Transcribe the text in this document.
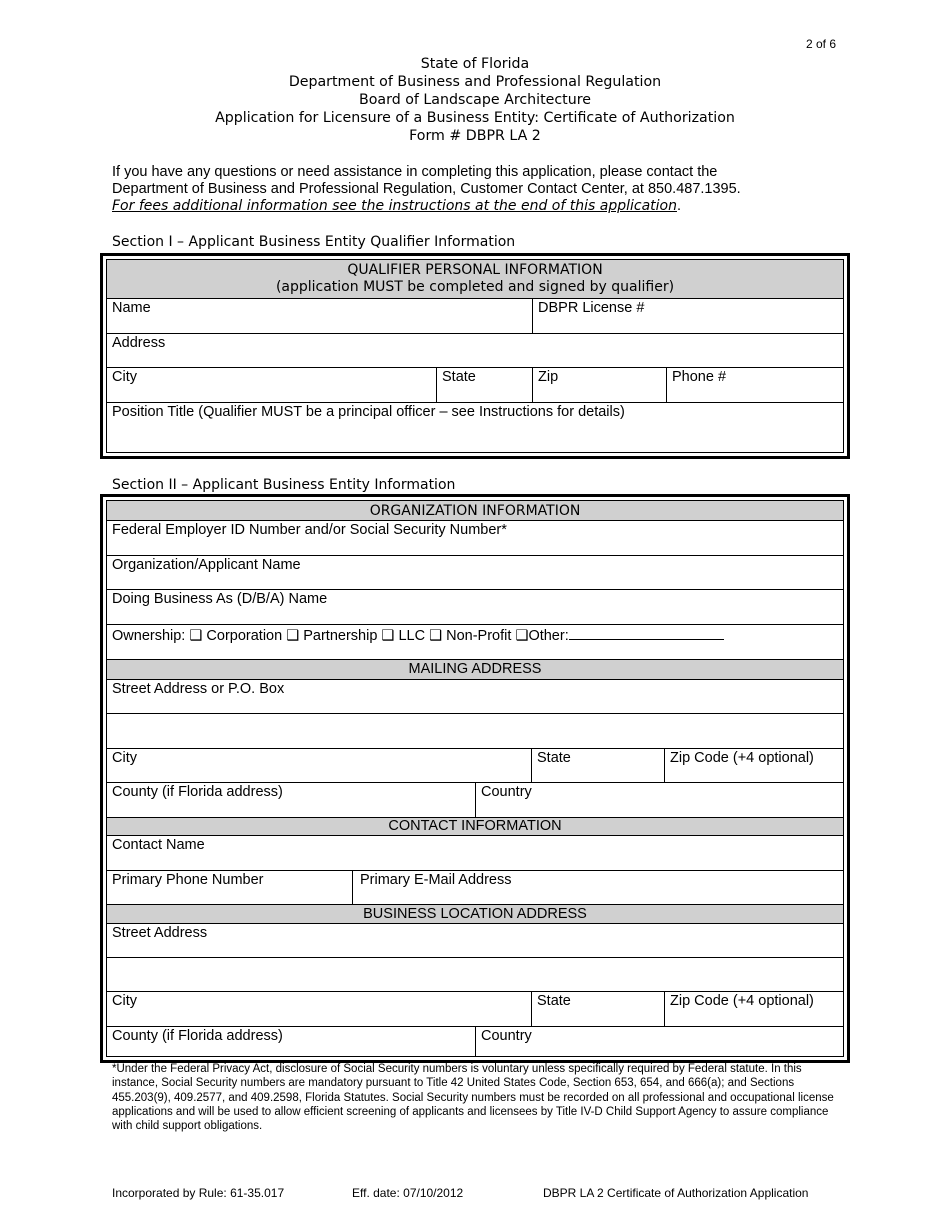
2 of 6
State of Florida
Department of Business and Professional Regulation
Board of Landscape Architecture
Application for Licensure of a Business Entity: Certificate of Authorization
Form # DBPR LA 2
If you have any questions or need assistance in completing this application, please contact the
Department of Business and Professional Regulation, Customer Contact Center, at 850.487.1395.
For fees additional information see the instructions at the end of this application.
Section I – Applicant Business Entity Qualifier Information
QUALIFIER PERSONAL INFORMATION
(application MUST be completed and signed by qualifier)
Name	DBPR License #
Address
City	State	Zip	Phone #
Position Title (Qualifier MUST be a principal officer – see Instructions for details)
Section II – Applicant Business Entity Information
ORGANIZATION INFORMATION
Federal Employer ID Number and/or Social Security Number*
Organization/Applicant Name
Doing Business As (D/B/A) Name
Ownership: ❑ Corporation ❑ Partnership ❑ LLC ❑ Non-Profit ❑Other:
MAILING ADDRESS
Street Address or P.O. Box
City	State	Zip Code (+4 optional)
County (if Florida address)	Country
CONTACT INFORMATION
Contact Name
Primary Phone Number	Primary E-Mail Address
BUSINESS LOCATION ADDRESS
Street Address
City	State	Zip Code (+4 optional)
County (if Florida address)	Country
*Under the Federal Privacy Act, disclosure of Social Security numbers is voluntary unless specifically required by Federal statute. In this instance, Social Security numbers are mandatory pursuant to Title 42 United States Code, Section 653, 654, and 666(a); and Sections 455.203(9), 409.2577, and 409.2598, Florida Statutes. Social Security numbers must be recorded on all professional and occupational license applications and will be used to allow efficient screening of applicants and licensees by Title IV-D Child Support Agency to assure compliance with child support obligations.
Incorporated by Rule: 61-35.017	Eff. date: 07/10/2012	DBPR LA 2 Certificate of Authorization Application
